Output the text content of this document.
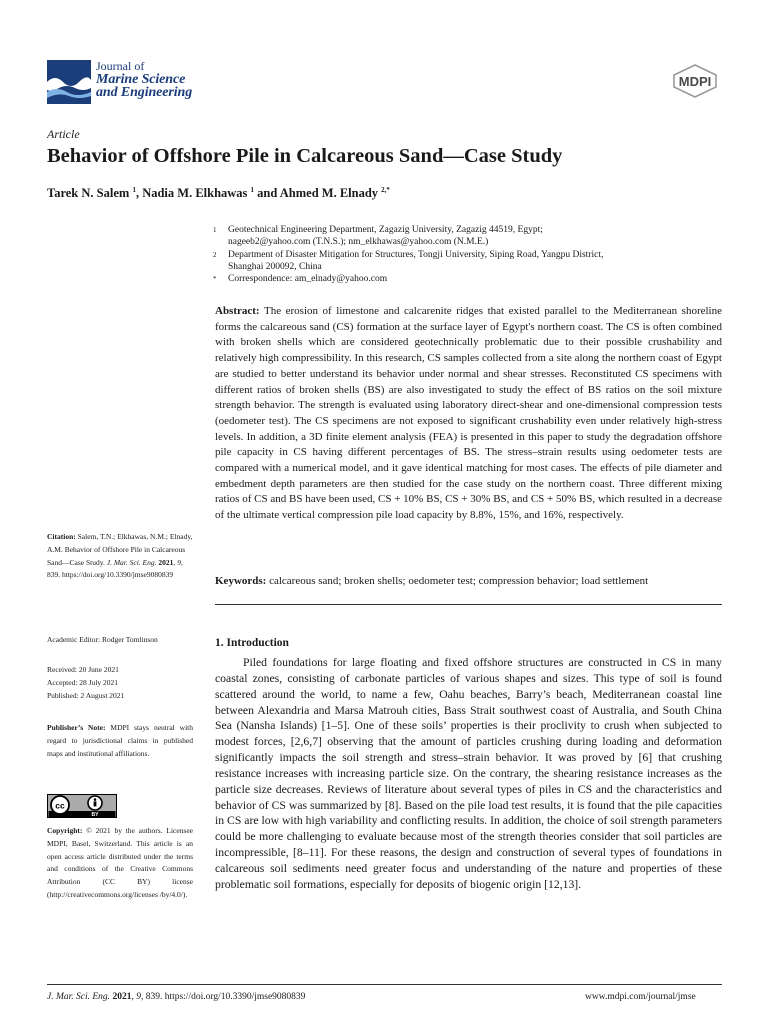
Journal of
Marine Science
and Engineering
MDPI
Article
Behavior of Offshore Pile in Calcareous Sand—Case Study
Tarek N. Salem $^1$, Nadia M. Elkhawas $^1$ and Ahmed M. Elnady $^{2,*}$
1	Geotechnical Engineering Department, Zagazig University, Zagazig 44519, Egypt;
nageeb2@yahoo.com (T.N.S.); nm_elkhawas@yahoo.com (N.M.E.)
2	Department of Disaster Mitigation for Structures, Tongji University, Siping Road, Yangpu District,
Shanghai 200092, China
*	Correspondence: am_elnady@yahoo.com

Abstract: The erosion of limestone and calcarenite ridges that existed parallel to the Mediterranean shoreline forms the calcareous sand (CS) formation at the surface layer of Egypt's northern coast. The CS is often combined with broken shells which are considered geotechnically problematic due to their possible crushability and relatively high compressibility. In this research, CS samples collected from a site along the northern coast of Egypt are studied to better understand its behavior under normal and shear stresses. Reconstituted CS specimens with different ratios of broken shells (BS) are also investigated to study the effect of BS ratios on the soil mixture strength behavior. The strength is evaluated using laboratory direct-shear and one-dimensional compression tests (oedometer test). The CS specimens are not exposed to significant crushability even under relatively high-stress levels. In addition, a 3D finite element analysis (FEA) is presented in this paper to study the degradation offshore pile capacity in CS having different percentages of BS. The stress–strain results using oedometer tests are compared with a numerical model, and it gave identical matching for most cases. The effects of pile diameter and embedment depth parameters are then studied for the case study on the northern coast. Three different mixing ratios of CS and BS have been used, CS + 10% BS, CS + 30% BS, and CS + 50% BS, which resulted in a decrease of the ultimate vertical compression pile load capacity by 8.8%, 15%, and 16%, respectively.

Keywords: calcareous sand; broken shells; oedometer test; compression behavior; load settlement

1. Introduction

Piled foundations for large floating and fixed offshore structures are constructed in CS in many coastal zones, consisting of carbonate particles of various shapes and sizes. This type of soil is found scattered around the world, to name a few, Oahu beaches, Barry’s beach, Mediterranean coastal line between Alexandria and Marsa Matrouh cities, Bass Strait southwest coast of Australia, and South China Sea (Nansha Islands) [1–5]. One of these soils’ properties is their proclivity to crush when subjected to modest forces, [2,6,7] observing that the amount of particles crushing during loading and deformation significantly impacts the soil strength and stress–strain behavior. It was proved by [6] that crushing resistance increases with increasing particle size. On the contrary, the shearing resistance increases as the particle size decreases. Reviews of literature about several types of piles in CS and the characteristics and behavior of CS was summarized by [8]. Based on the pile load test results, it is found that the pile capacities in CS are low with high variability and conflicting results. In addition, the choice of soil strength parameters could be more challenging to evaluate because most of the strength theories consider that soil particles are incompressible, [8–11]. For these reasons, the design and construction of several types of foundations in calcareous soil sediments need greater focus and understanding of the nature and properties of these problematic soil formations, especially for deposits of biogenic origin [12,13].

Citation: Salem, T.N.; Elkhawas, N.M.; Elnady, A.M. Behavior of Offshore Pile in Calcareous Sand—Case Study. J. Mar. Sci. Eng. 2021, 9, 839. https://doi.org/10.3390/jmse9080839
Academic Editor: Rodger Tomlinson
Received: 20 June 2021
Accepted: 28 July 2021
Published: 2 August 2021
Publisher’s Note: MDPI stays neutral with regard to jurisdictional claims in published maps and institutional affiliations.
cc
BY
Copyright: © 2021 by the authors. Licensee MDPI, Basel, Switzerland. This article is an open access article distributed under the terms and conditions of the Creative Commons Attribution (CC BY) license (http://creativecommons.org/licenses /by/4.0/).
J. Mar. Sci. Eng. 2021, 9, 839. https://doi.org/10.3390/jmse9080839	www.mdpi.com/journal/jmse
